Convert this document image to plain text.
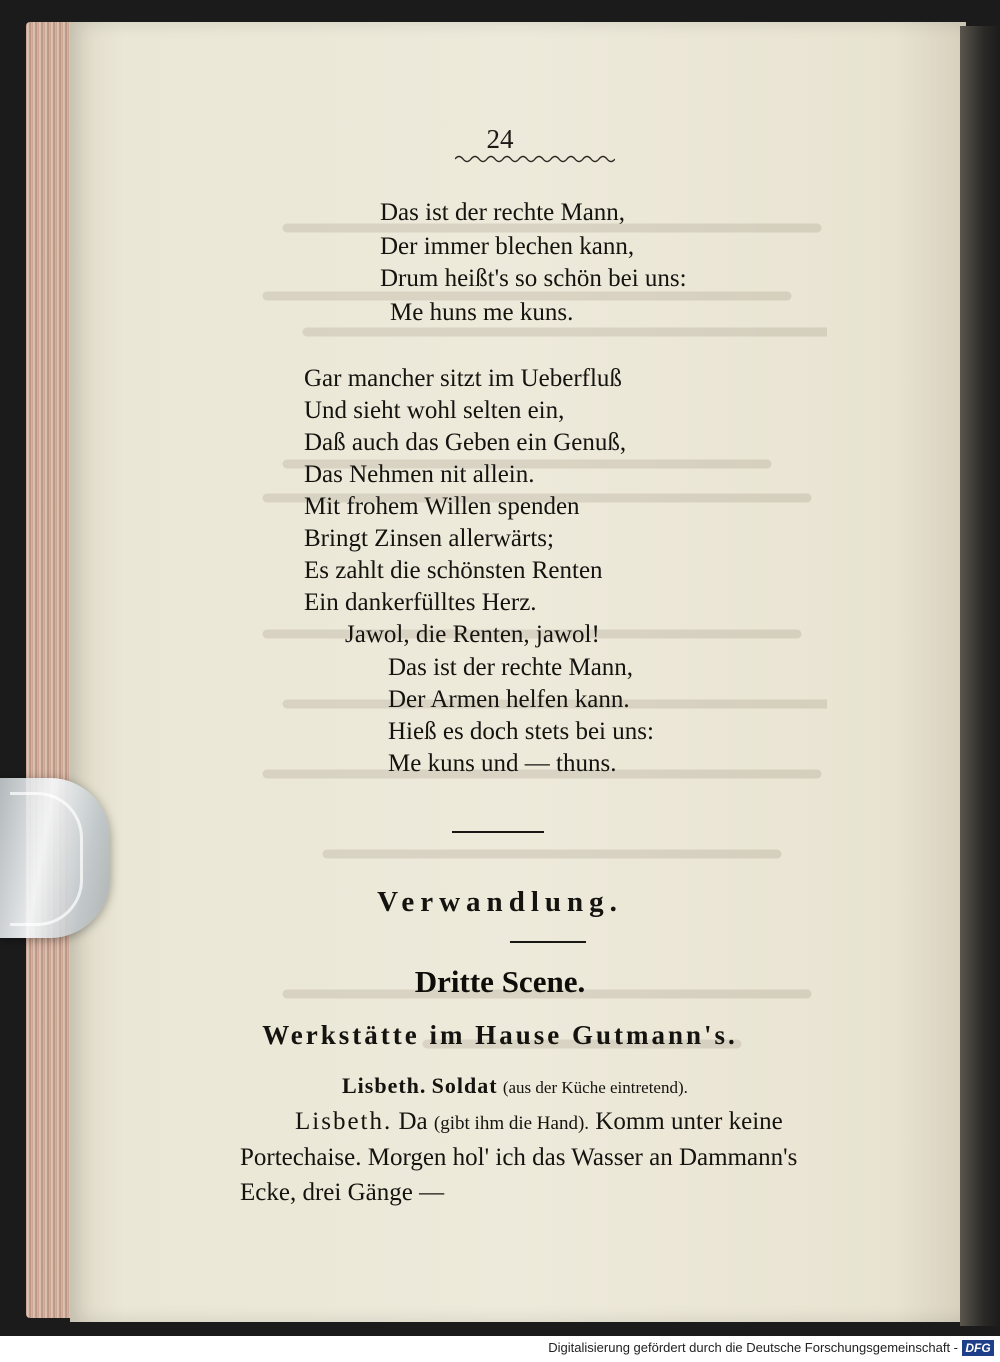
24
Das ist der rechte Mann,
Der immer blechen kann,
Drum heißt's so schön bei uns:
Me huns me kuns.
Gar mancher sitzt im Ueberfluß
Und sieht wohl selten ein,
Daß auch das Geben ein Genuß,
Das Nehmen nit allein.
Mit frohem Willen spenden
Bringt Zinsen allerwärts;
Es zahlt die schönsten Renten
Ein dankerfülltes Herz.
Jawol, die Renten, jawol!
Das ist der rechte Mann,
Der Armen helfen kann.
Hieß es doch stets bei uns:
Me kuns und — thuns.
Verwandlung.
Dritte Scene.
Werkstätte im Hause Gutmann's.
Lisbeth. Soldat (aus der Küche eintretend).
Lisbeth. Da (gibt ihm die Hand). Komm unter keine
Portechaise. Morgen hol' ich das Wasser an Dammann's
Ecke, drei Gänge —
Digitalisierung gefördert durch die Deutsche Forschungsgemeinschaft - DFG
